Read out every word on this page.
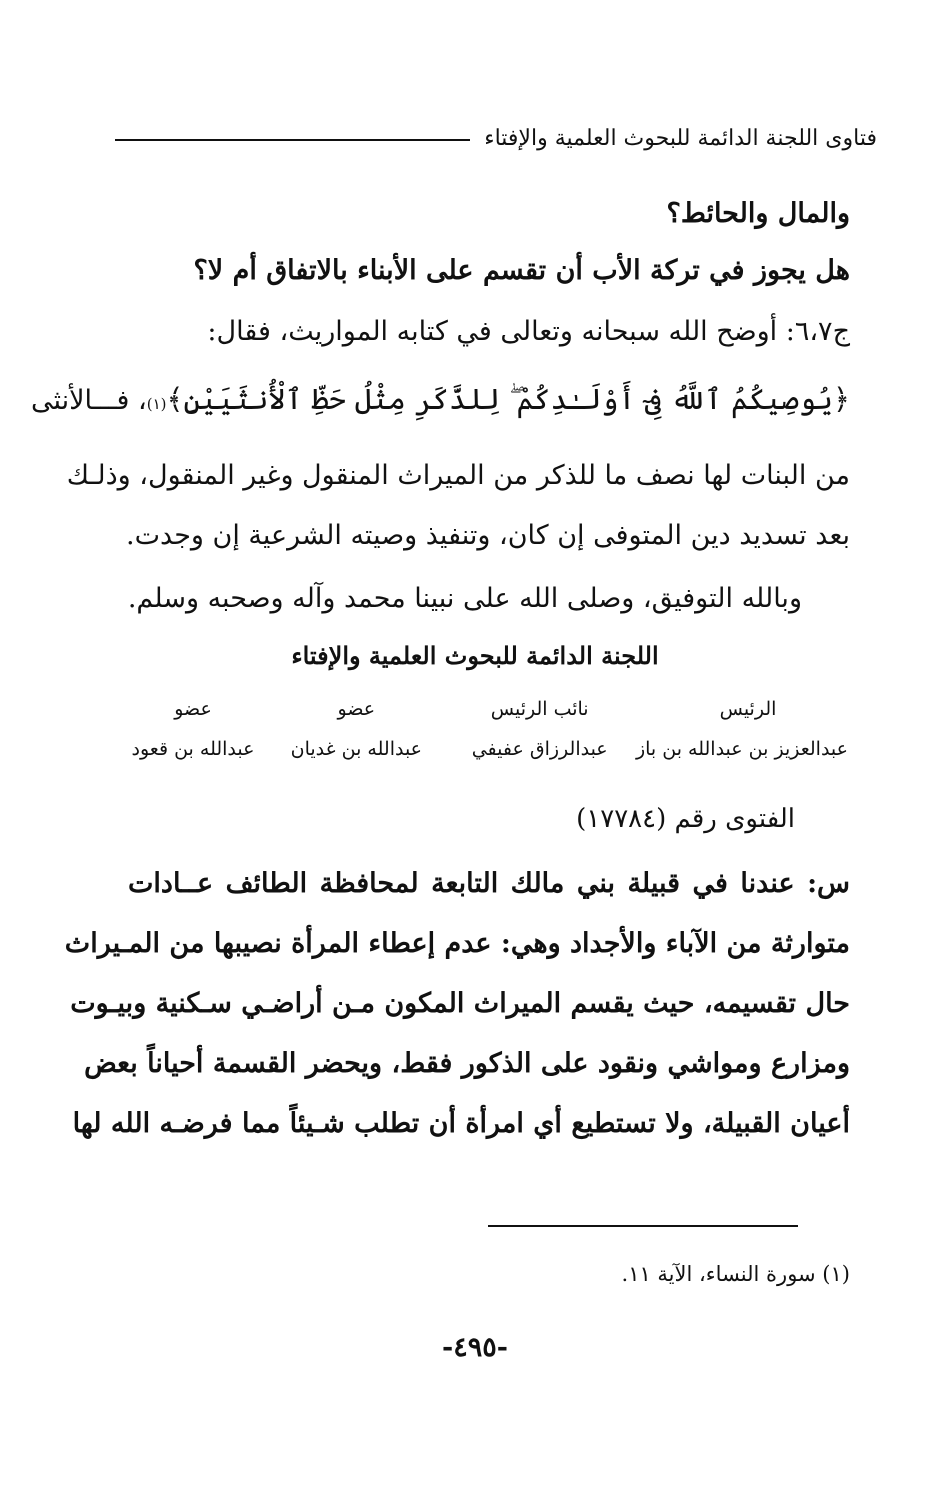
فتاوى اللجنة الدائمة للبحوث العلمية والإفتاء
والمال والحائط؟
هل يجوز في تركة الأب أن تقسم على الأبناء بالاتفاق أم لا؟
ج٦،٧: أوضح الله سبحانه وتعالى في كتابه المواريث، فقال:
﴿يُوصِيكُمُ ٱللَّهُ فِىٓ أَوْلَـٰدِكُمْ ۖ لِلذَّكَرِ مِثْلُ حَظِّ ٱلْأُنثَيَيْنِ﴾
(١)
، فـــالأنثى
من البنات لها نصف ما للذكر من الميراث المنقول وغير المنقول، وذلـك
بعد تسديد دين المتوفى إن كان، وتنفيذ وصيته الشرعية إن وجدت.
وبالله التوفيق، وصلى الله على نبينا محمد وآله وصحبه وسلم.
اللجنة الدائمة للبحوث العلمية والإفتاء
الرئيس
نائب الرئيس
عضو
عضو
عبدالعزيز بن عبدالله بن باز
عبدالرزاق عفيفي
عبدالله بن غديان
عبدالله بن قعود
الفتوى رقم (١٧٧٨٤)
س: عندنا في قبيلة بني مالك التابعة لمحافظة الطائف عــادات
متوارثة من الآباء والأجداد وهي: عدم إعطاء المرأة نصيبها من المـيراث
حال تقسيمه، حيث يقسم الميراث المكون مـن أراضـي سـكنية وبيـوت
ومزارع ومواشي ونقود على الذكور فقط، ويحضر القسمة أحياناً بعض
أعيان القبيلة، ولا تستطيع أي امرأة أن تطلب شـيئاً مما فرضـه الله لها
(١) سورة النساء، الآية ١١.
-٤٩٥-
